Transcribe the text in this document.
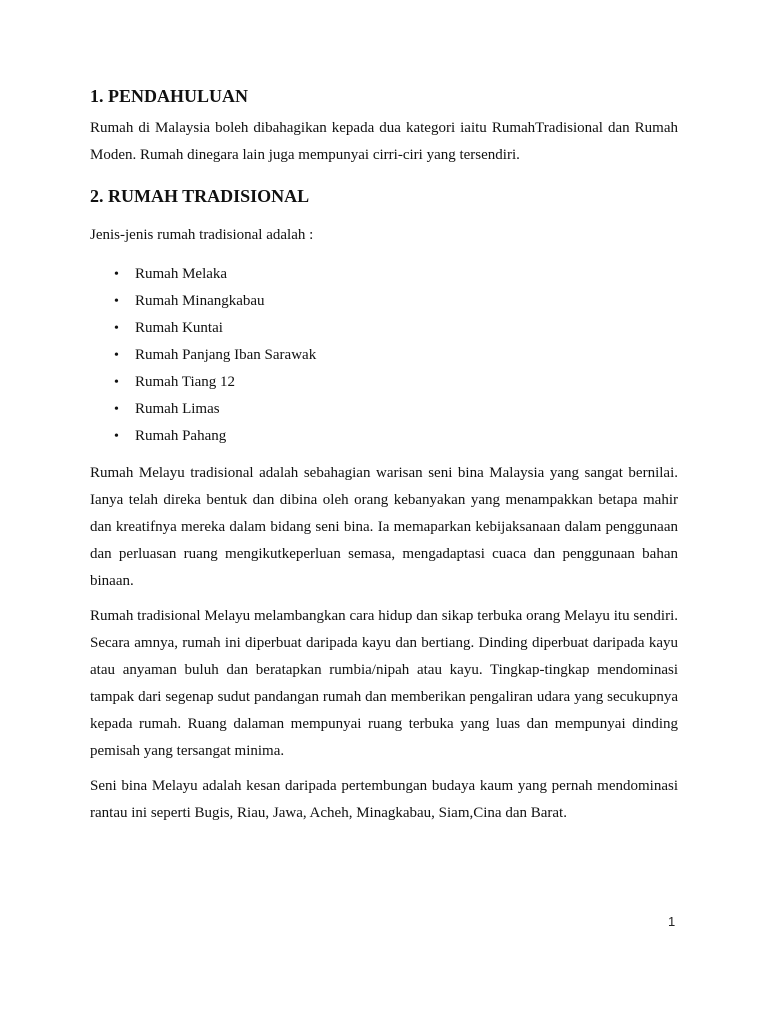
1. PENDAHULUAN

Rumah di Malaysia boleh dibahagikan kepada dua kategori iaitu RumahTradisional dan Rumah Moden. Rumah dinegara lain juga mempunyai cirri-ciri yang tersendiri.

2. RUMAH TRADISIONAL

Jenis-jenis rumah tradisional adalah :

• Rumah Melaka
• Rumah Minangkabau
• Rumah Kuntai
• Rumah Panjang Iban Sarawak
• Rumah Tiang 12
• Rumah Limas
• Rumah Pahang

Rumah Melayu tradisional adalah sebahagian warisan seni bina Malaysia yang sangat bernilai. Ianya telah direka bentuk dan dibina oleh orang kebanyakan yang menampakkan betapa mahir dan kreatifnya mereka dalam bidang seni bina. Ia memaparkan kebijaksanaan dalam penggunaan dan perluasan ruang mengikutkeperluan semasa, mengadaptasi cuaca dan penggunaan bahan binaan.

Rumah tradisional Melayu melambangkan cara hidup dan sikap terbuka orang Melayu itu sendiri. Secara amnya, rumah ini diperbuat daripada kayu dan bertiang. Dinding diperbuat daripada kayu atau anyaman buluh dan beratapkan rumbia/nipah atau kayu. Tingkap-tingkap mendominasi tampak dari segenap sudut pandangan rumah dan memberikan pengaliran udara yang secukupnya kepada rumah. Ruang dalaman mempunyai ruang terbuka yang luas dan mempunyai dinding pemisah yang tersangat minima.

Seni bina Melayu adalah kesan daripada pertembungan budaya kaum yang pernah mendominasi rantau ini seperti Bugis, Riau, Jawa, Acheh, Minagkabau, Siam,Cina dan Barat.

1
